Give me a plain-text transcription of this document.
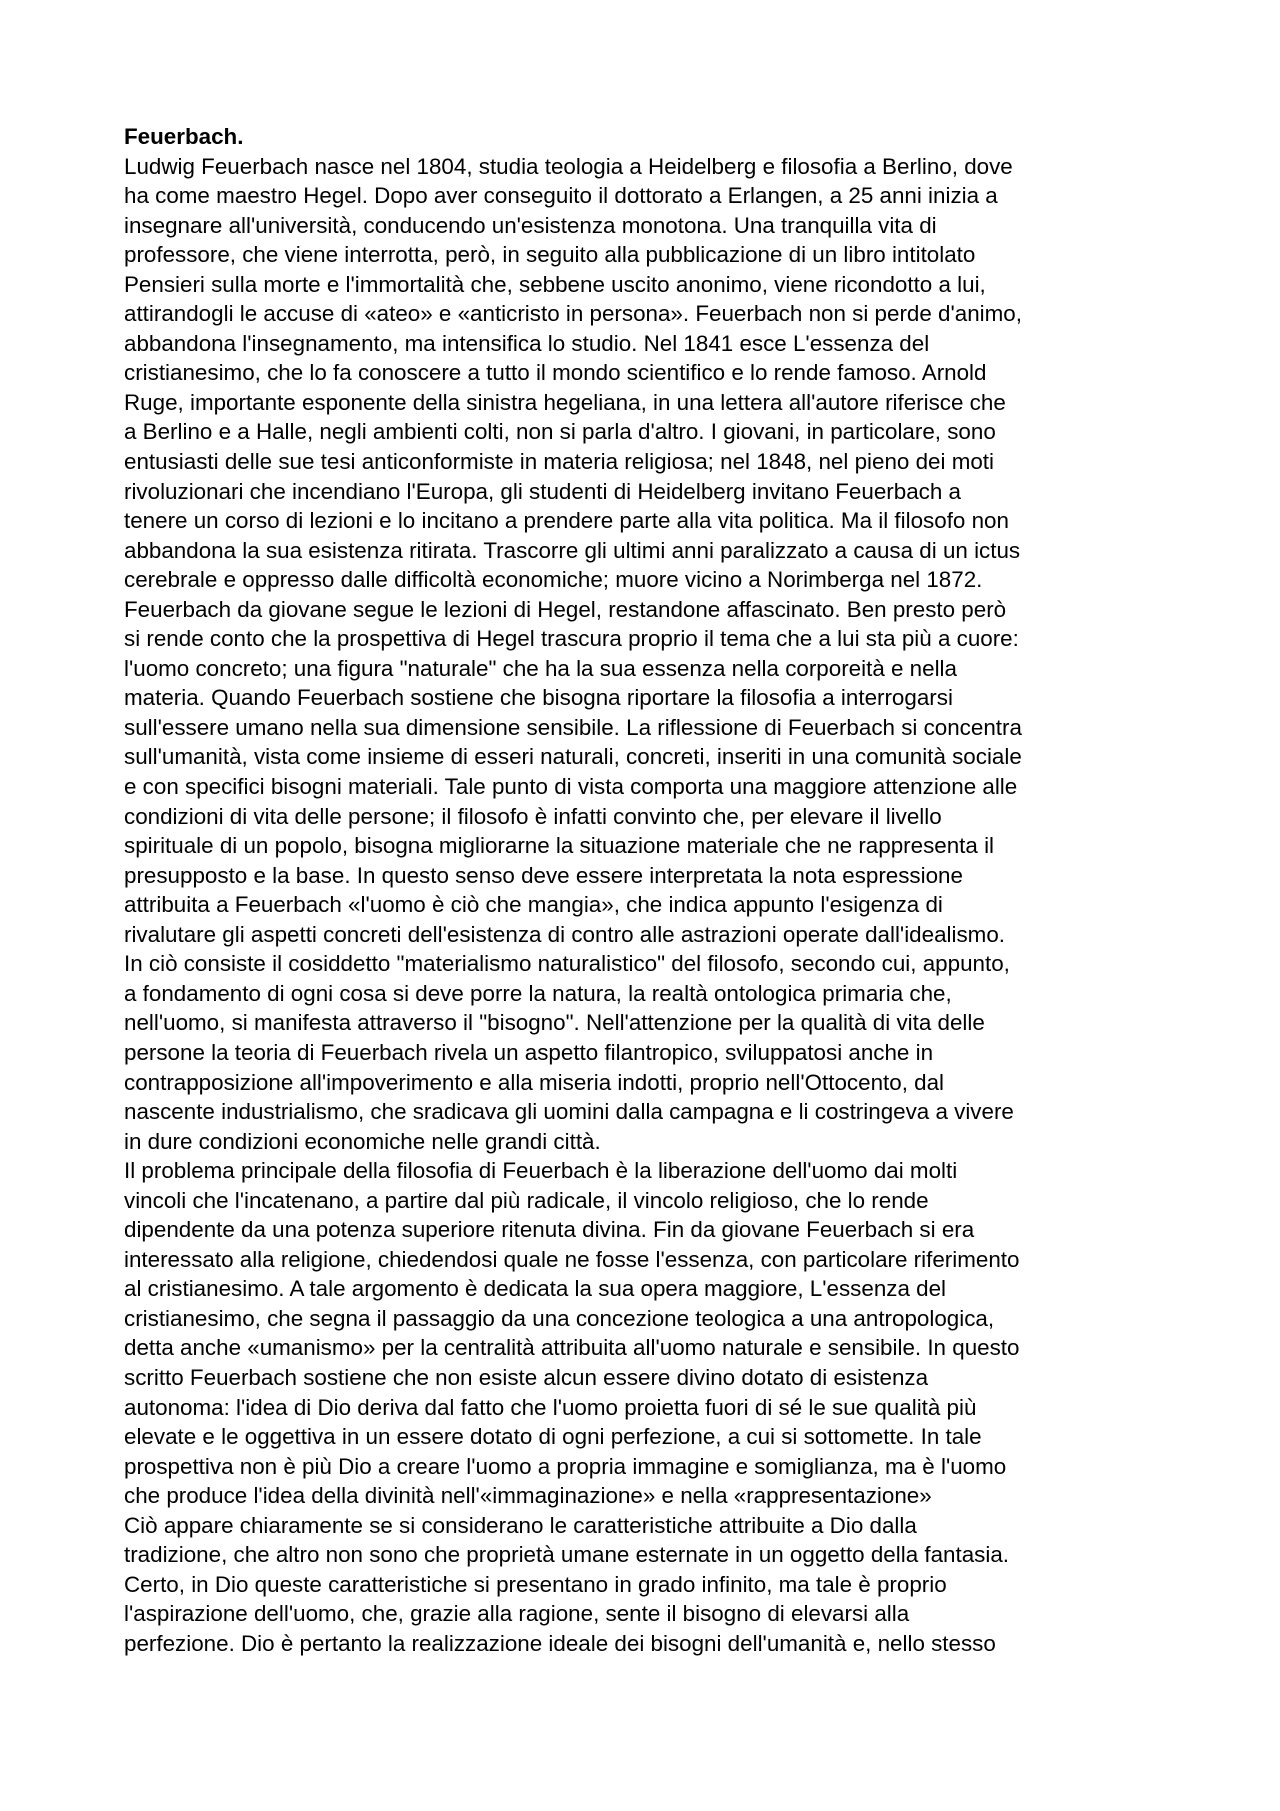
Feuerbach.

Ludwig Feuerbach nasce nel 1804, studia teologia a Heidelberg e filosofia a Berlino, dove

ha come maestro Hegel. Dopo aver conseguito il dottorato a Erlangen, a 25 anni inizia a

insegnare all'università, conducendo un'esistenza monotona. Una tranquilla vita di

professore, che viene interrotta, però, in seguito alla pubblicazione di un libro intitolato

Pensieri sulla morte e l'immortalità che, sebbene uscito anonimo, viene ricondotto a lui,

attirandogli le accuse di «ateo» e «anticristo in persona». Feuerbach non si perde d'animo,

abbandona l'insegnamento, ma intensifica lo studio. Nel 1841 esce L'essenza del

cristianesimo, che lo fa conoscere a tutto il mondo scientifico e lo rende famoso. Arnold

Ruge, importante esponente della sinistra hegeliana, in una lettera all'autore riferisce che

a Berlino e a Halle, negli ambienti colti, non si parla d'altro. I giovani, in particolare, sono

entusiasti delle sue tesi anticonformiste in materia religiosa; nel 1848, nel pieno dei moti

rivoluzionari che incendiano l'Europa, gli studenti di Heidelberg invitano Feuerbach a

tenere un corso di lezioni e lo incitano a prendere parte alla vita politica. Ma il filosofo non

abbandona la sua esistenza ritirata. Trascorre gli ultimi anni paralizzato a causa di un ictus

cerebrale e oppresso dalle difficoltà economiche; muore vicino a Norimberga nel 1872.

Feuerbach da giovane segue le lezioni di Hegel, restandone affascinato. Ben presto però

si rende conto che la prospettiva di Hegel trascura proprio il tema che a lui sta più a cuore:

l'uomo concreto; una figura "naturale" che ha la sua essenza nella corporeità e nella

materia. Quando Feuerbach sostiene che bisogna riportare la filosofia a interrogarsi

sull'essere umano nella sua dimensione sensibile. La riflessione di Feuerbach si concentra

sull'umanità, vista come insieme di esseri naturali, concreti, inseriti in una comunità sociale

e con specifici bisogni materiali. Tale punto di vista comporta una maggiore attenzione alle

condizioni di vita delle persone; il filosofo è infatti convinto che, per elevare il livello

spirituale di un popolo, bisogna migliorarne la situazione materiale che ne rappresenta il

presupposto e la base. In questo senso deve essere interpretata la nota espressione

attribuita a Feuerbach «l'uomo è ciò che mangia», che indica appunto l'esigenza di

rivalutare gli aspetti concreti dell'esistenza di contro alle astrazioni operate dall'idealismo.

In ciò consiste il cosiddetto "materialismo naturalistico" del filosofo, secondo cui, appunto,

a fondamento di ogni cosa si deve porre la natura, la realtà ontologica primaria che,

nell'uomo, si manifesta attraverso il "bisogno". Nell'attenzione per la qualità di vita delle

persone la teoria di Feuerbach rivela un aspetto filantropico, sviluppatosi anche in

contrapposizione all'impoverimento e alla miseria indotti, proprio nell'Ottocento, dal

nascente industrialismo, che sradicava gli uomini dalla campagna e li costringeva a vivere

in dure condizioni economiche nelle grandi città.

Il problema principale della filosofia di Feuerbach è la liberazione dell'uomo dai molti

vincoli che l'incatenano, a partire dal più radicale, il vincolo religioso, che lo rende

dipendente da una potenza superiore ritenuta divina. Fin da giovane Feuerbach si era

interessato alla religione, chiedendosi quale ne fosse l'essenza, con particolare riferimento

al cristianesimo. A tale argomento è dedicata la sua opera maggiore, L'essenza del

cristianesimo, che segna il passaggio da una concezione teologica a una antropologica,

detta anche «umanismo» per la centralità attribuita all'uomo naturale e sensibile. In questo

scritto Feuerbach sostiene che non esiste alcun essere divino dotato di esistenza

autonoma: l'idea di Dio deriva dal fatto che l'uomo proietta fuori di sé le sue qualità più

elevate e le oggettiva in un essere dotato di ogni perfezione, a cui si sottomette. In tale

prospettiva non è più Dio a creare l'uomo a propria immagine e somiglianza, ma è l'uomo

che produce l'idea della divinità nell'«immaginazione» e nella «rappresentazione»

Ciò appare chiaramente se si considerano le caratteristiche attribuite a Dio dalla

tradizione, che altro non sono che proprietà umane esternate in un oggetto della fantasia.

Certo, in Dio queste caratteristiche si presentano in grado infinito, ma tale è proprio

l'aspirazione dell'uomo, che, grazie alla ragione, sente il bisogno di elevarsi alla

perfezione. Dio è pertanto la realizzazione ideale dei bisogni dell'umanità e, nello stesso
